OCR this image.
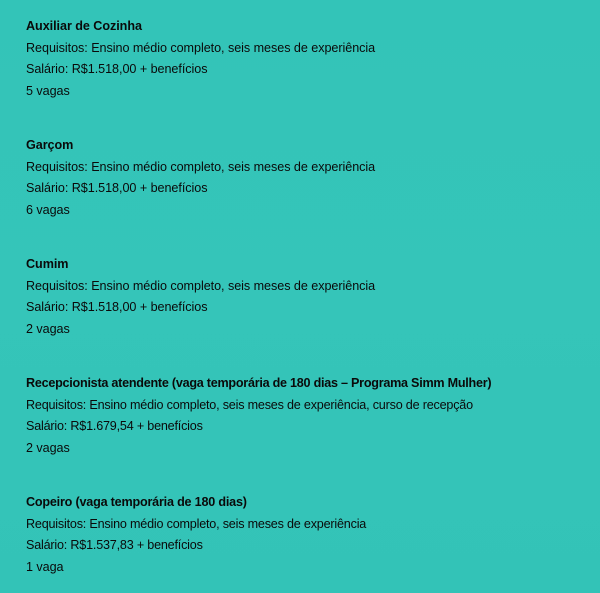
Auxiliar de Cozinha
Requisitos: Ensino médio completo, seis meses de experiência
Salário: R$1.518,00 + benefícios
5 vagas
Garçom
Requisitos: Ensino médio completo, seis meses de experiência
Salário: R$1.518,00 + benefícios
6 vagas
Cumim
Requisitos: Ensino médio completo, seis meses de experiência
Salário: R$1.518,00 + benefícios
2 vagas
Recepcionista atendente (vaga temporária de 180 dias – Programa Simm Mulher)
Requisitos: Ensino médio completo, seis meses de experiência, curso de recepção
Salário: R$1.679,54 + benefícios
2 vagas
Copeiro (vaga temporária de 180 dias)
Requisitos: Ensino médio completo, seis meses de experiência
Salário: R$1.537,83 + benefícios
1 vaga
